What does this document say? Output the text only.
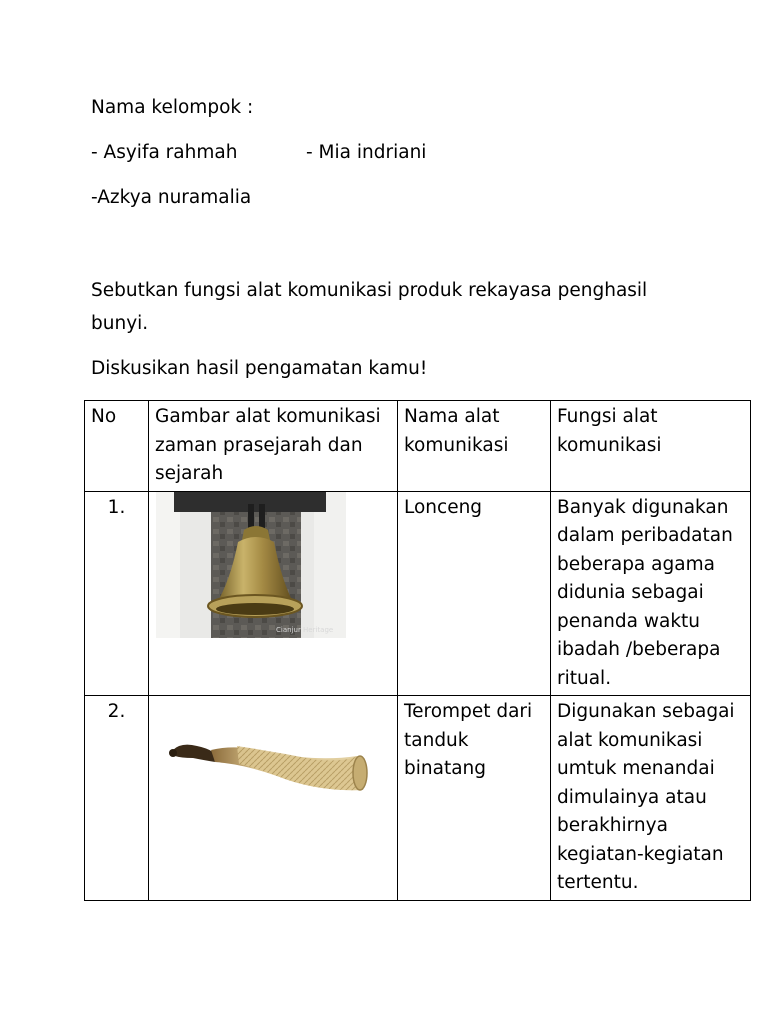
Nama kelompok :
- Asyifa rahmah	- Mia indriani
-Azkya nuramalia
Sebutkan fungsi alat komunikasi produk rekayasa penghasil
bunyi.
Diskusikan hasil pengamatan kamu!
No	Gambar alat komunikasi zaman prasejarah dan sejarah	Nama alat komunikasi	Fungsi alat komunikasi
1.	Cianjur Heritage	Lonceng	Banyak digunakan dalam peribadatan beberapa agama didunia sebagai penanda waktu ibadah /beberapa ritual.
2.		Terompet dari tanduk binatang	Digunakan sebagai alat komunikasi umtuk menandai dimulainya atau berakhirnya kegiatan-kegiatan tertentu.
